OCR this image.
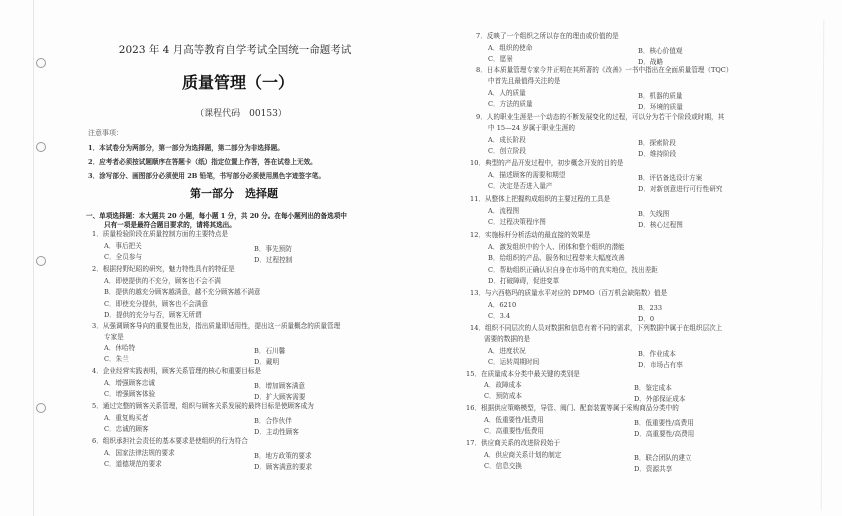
2023 年 4 月高等教育自学考试全国统一命题考试
质量管理（一）
（课程代码　00153）
注意事项：
1．本试卷分为两部分，第一部分为选择题，第二部分为非选择题。
2．应考者必须按试题顺序在答题卡（纸）指定位置上作答，答在试卷上无效。
3．涂写部分、画图部分必须使用 2B 铅笔，书写部分必须使用黑色字迹签字笔。
第一部分　选择题
一、单项选择题：本大题共 20 小题，每小题 1 分，共 20 分。在每小题列出的备选项中
只有一项是最符合题目要求的，请将其选出。
1．质量检验阶段在质量控制方面的主要特点是
A．事后把关	B．事先预防
C．全员参与	D．过程控制
2．根据狩野纪昭的研究，魅力特性具有的特征是
A．即使提供的不充分，顾客也不会不满
B．提供的越充分顾客越满意，越不充分顾客越不满意
C．即使充分提供，顾客也不会满意
D．提供的充分与否，顾客无所谓
3．从强调顾客导向的重要性出发，指出质量即适用性，提出这一质量概念的质量管理
专家是
A．休哈特	B．石川馨
C．朱兰	D．戴明
4．企业经营实践表明，顾客关系管理的核心和重要目标是
A．增强顾客忠诚	B．增加顾客满意
C．增强顾客体验	D．扩大顾客需要
5．通过完整的顾客关系管理，组织与顾客关系发展的最终目标是使顾客成为
A．重复购买者	B．合作伙伴
C．忠诚的顾客	D．主动性顾客
6．组织承担社会责任的基本要求是使组织的行为符合
A．国家法律法规的要求	B．地方政策的要求
C．道德规范的要求	D．顾客满意的要求
7．反映了一个组织之所以存在的理由或价值的是
A．组织的使命	B．核心价值观
C．愿景	D．战略
8．日本质量管理专家今井正明在其所著的《改善》一书中指出在全面质量管理（TQC）
中首先且最值得关注的是
A．人的质量	B．机器的质量
C．方法的质量	D．环境的质量
9．人的职业生涯是一个动态的不断发展变化的过程，可以分为若干个阶段或时期，其
中 15—24 岁属于职业生涯的
A．成长阶段	B．探索阶段
C．创立阶段	D．维持阶段
10．典型的产品开发过程中，初步概念开发的目的是
A．描述顾客的需要和期望	B．评估备选设计方案
C．决定是否进入量产	D．对新创意进行可行性研究
11．从整体上把握构成组织的主要过程的工具是
A．流程图	B．矢线图
C．过程决策程序图	D．核心过程图
12．实施标杆分析活动的最直接的效果是
A．激发组织中的个人、团体和整个组织的潜能
B．给组织的产品、服务和过程带来大幅度改善
C．帮助组织正确认识自身在市场中的真实地位，找出差距
D．打破障碍，促进变革
13．与六西格玛的质量水平对应的 DPMO（百万机会缺陷数）值是
A．6210	B．233
C．3.4	D．0
14．组织不同层次的人员对数据和信息有着不同的需求，下列数据中属于在组织层次上
需要的数据的是
A．进度状况	B．作业成本
C．运转周期时间	D．市场占有率
15．在质量成本分类中最关键的类别是
A．故障成本	B．鉴定成本
C．预防成本	D．外部保证成本
16．根据供应策略模型，导管、阀门、配套装置等属于采购商品分类中的
A．低重要性/低费用	B．低重要性/高费用
C．高重要性/低费用	D．高重要性/高费用
17．供应商关系的改进阶段始于
A．供应商关系计划的制定	B．联合团队的建立
C．信息交换	D．资源共享
